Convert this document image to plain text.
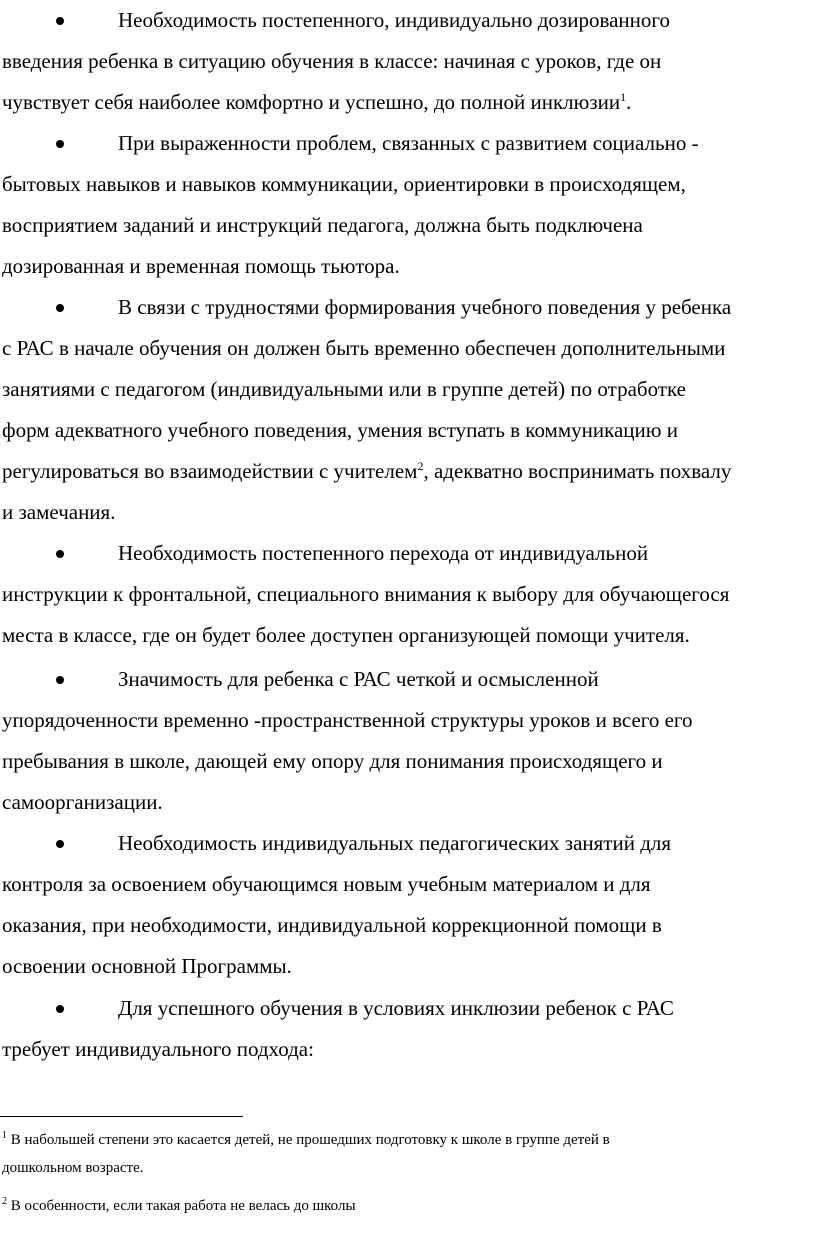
Необходимость постепенного, индивидуально дозированного
введения ребенка в ситуацию обучения в классе: начиная с уроков, где он
чувствует себя наиболее комфортно и успешно, до полной инклюзии$^1$.
При выраженности проблем, связанных с развитием социально -
бытовых навыков и навыков коммуникации, ориентировки в происходящем,
восприятием заданий и инструкций педагога, должна быть подключена
дозированная и временная помощь тьютора.
В связи с трудностями формирования учебного поведения у ребенка
с РАС в начале обучения он должен быть временно обеспечен дополнительными
занятиями с педагогом (индивидуальными или в группе детей) по отработке
форм адекватного учебного поведения, умения вступать в коммуникацию и
регулироваться во взаимодействии с учителем$^2$, адекватно воспринимать похвалу
и замечания.
Необходимость постепенного перехода от индивидуальной
инструкции к фронтальной, специального внимания к выбору для обучающегося
места в классе, где он будет более доступен организующей помощи учителя.
Значимость для ребенка с РАС четкой и осмысленной
упорядоченности временно -пространственной структуры уроков и всего его
пребывания в школе, дающей ему опору для понимания происходящего и
самоорганизации.
Необходимость индивидуальных педагогических занятий для
контроля за освоением обучающимся новым учебным материалом и для
оказания, при необходимости, индивидуальной коррекционной помощи в
освоении основной Программы.
Для успешного обучения в условиях инклюзии ребенок с РАС
требует индивидуального подхода:
$^1$ В набольшей степени это касается детей, не прошедших подготовку к школе в группе детей в
дошкольном возрасте.
$^2$ В особенности, если такая работа не велась до школы
